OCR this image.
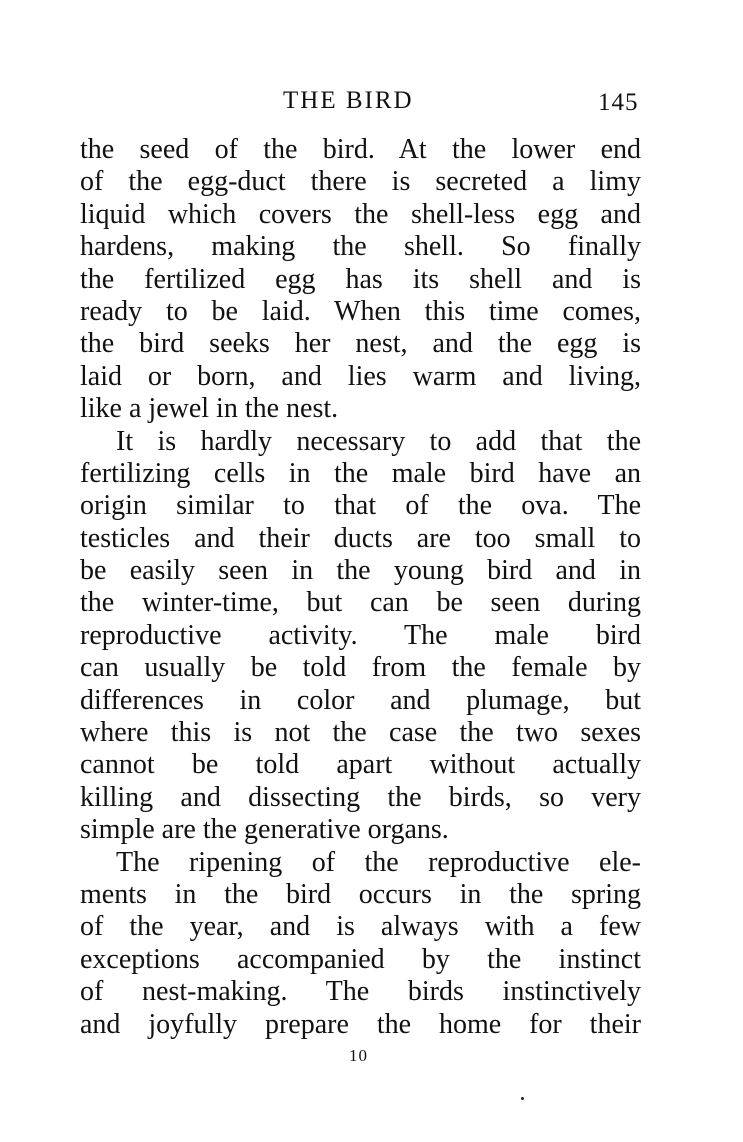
THE BIRD	145
the seed of the bird. At the lower end
of the egg-duct there is secreted a limy
liquid which covers the shell-less egg and
hardens, making the shell. So finally
the fertilized egg has its shell and is
ready to be laid. When this time comes,
the bird seeks her nest, and the egg is
laid or born, and lies warm and living,
like a jewel in the nest.
It is hardly necessary to add that the
fertilizing cells in the male bird have an
origin similar to that of the ova. The
testicles and their ducts are too small to
be easily seen in the young bird and in
the winter-time, but can be seen during
reproductive activity. The male bird
can usually be told from the female by
differences in color and plumage, but
where this is not the case the two sexes
cannot be told apart without actually
killing and dissecting the birds, so very
simple are the generative organs.
The ripening of the reproductive ele-
ments in the bird occurs in the spring
of the year, and is always with a few
exceptions accompanied by the instinct
of nest-making. The birds instinctively
and joyfully prepare the home for their
10
